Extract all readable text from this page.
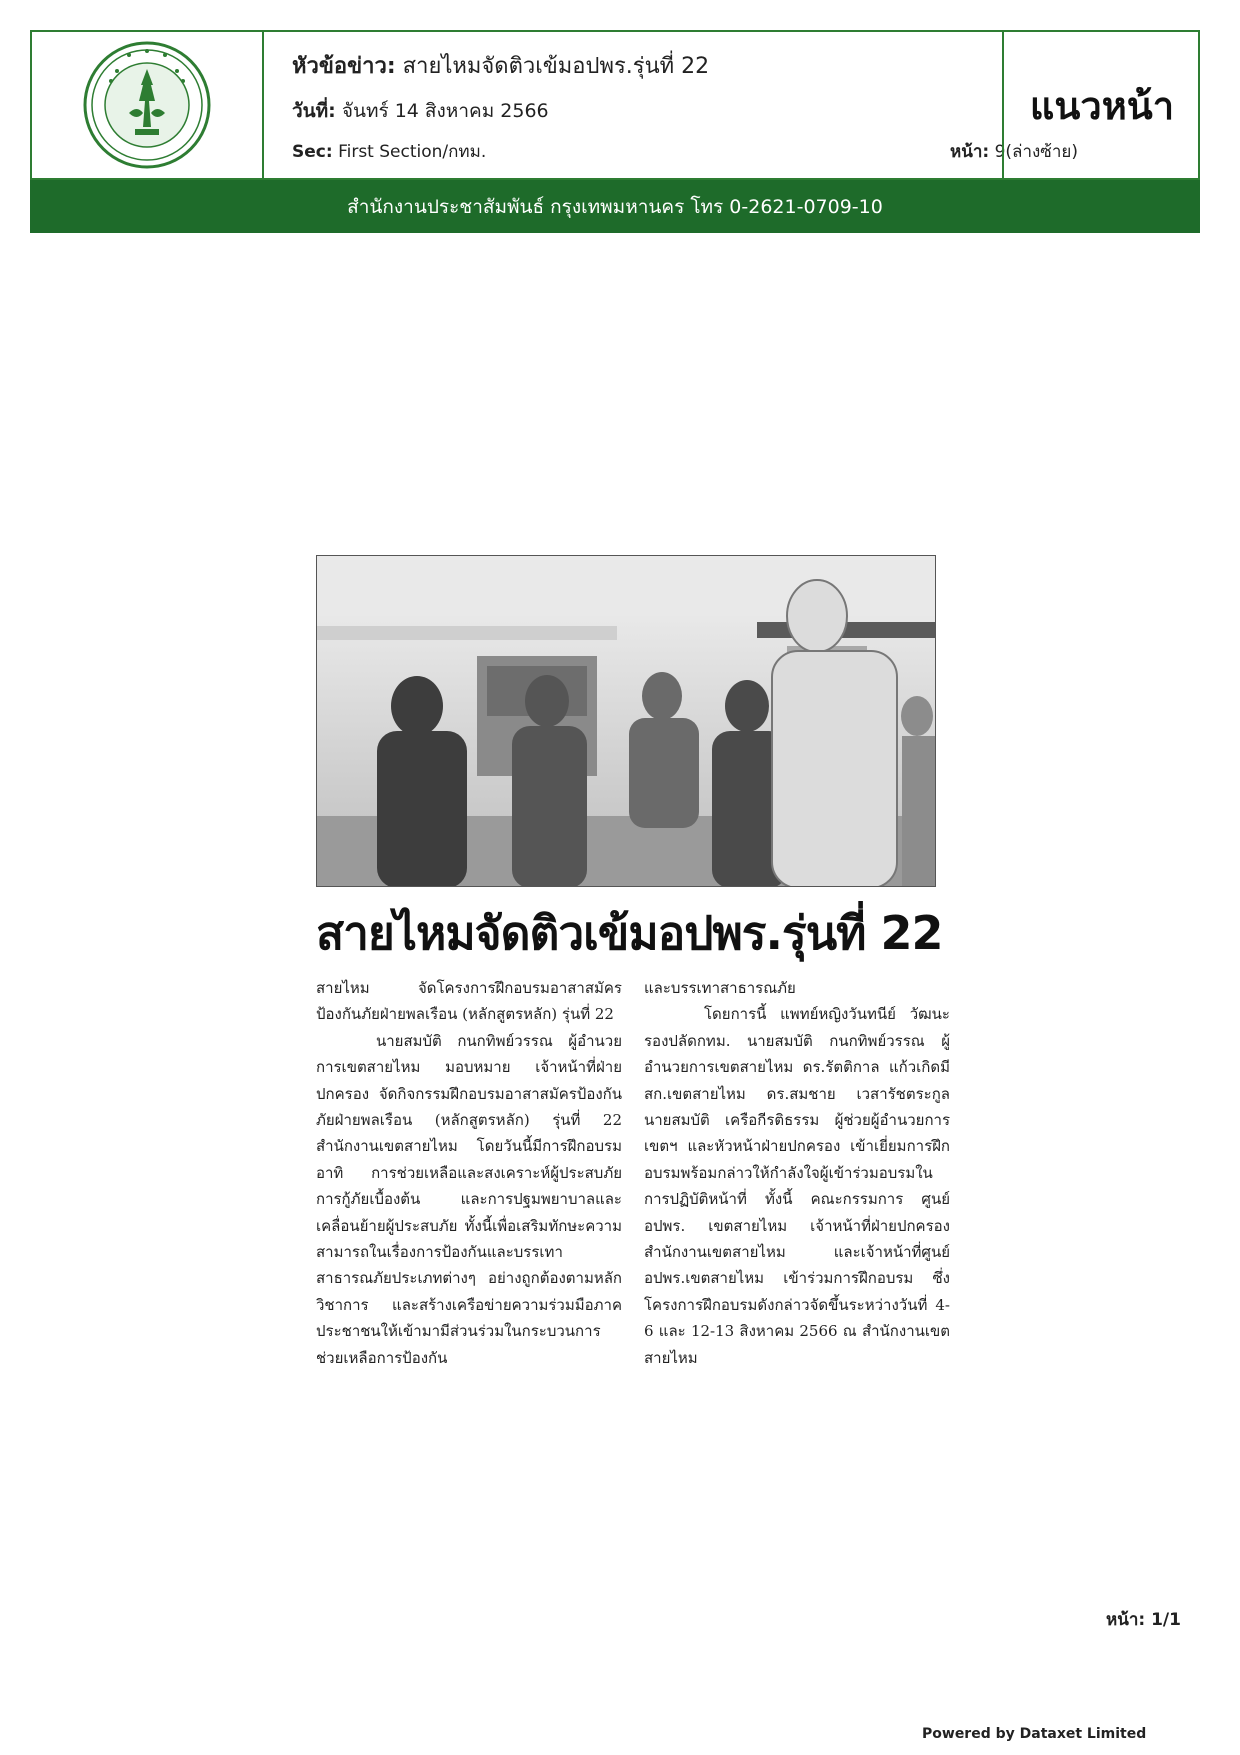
หัวข้อข่าว: สายไหมจัดติวเข้มอปพร.รุ่นที่ 22
วันที่: จันทร์ 14 สิงหาคม 2566
Sec: First Section/กทม.	หน้า: 9(ล่างซ้าย)
แนวหน้า
สำนักงานประชาสัมพันธ์ กรุงเทพมหานคร โทร 0-2621-0709-10
สายไหมจัดติวเข้มอปพร.รุ่นที่ 22

สายไหม จัดโครงการฝึกอบรมอาสาสมัครป้องกันภัยฝ่ายพลเรือน (หลักสูตรหลัก) รุ่นที่ 22

นายสมบัติ กนกทิพย์วรรณ ผู้อำนวยการเขตสายไหม มอบหมาย เจ้าหน้าที่ฝ่ายปกครอง จัดกิจกรรมฝึกอบรมอาสาสมัครป้องกันภัยฝ่ายพลเรือน (หลักสูตรหลัก) รุ่นที่ 22 สำนักงานเขตสายไหม โดยวันนี้มีการฝึกอบรม อาทิ การช่วยเหลือและสงเคราะห์ผู้ประสบภัย การกู้ภัยเบื้องต้น และการปฐมพยาบาลและเคลื่อนย้ายผู้ประสบภัย ทั้งนี้เพื่อเสริมทักษะความสามารถในเรื่องการป้องกันและบรรเทาสาธารณภัยประเภทต่างๆ อย่างถูกต้องตามหลักวิชาการ และสร้างเครือข่ายความร่วมมือภาคประชาชนให้เข้ามามีส่วนร่วมในกระบวนการช่วยเหลือการป้องกัน

และบรรเทาสาธารณภัย

โดยการนี้ แพทย์หญิงวันทนีย์ วัฒนะ รองปลัดกทม. นายสมบัติ กนกทิพย์วรรณ ผู้อำนวยการเขตสายไหม ดร.รัตติกาล แก้วเกิดมี สก.เขตสายไหม ดร.สมชาย เวสารัชตระกูล นายสมบัติ เครือกีรติธรรม ผู้ช่วยผู้อำนวยการเขตฯ และหัวหน้าฝ่ายปกครอง เข้าเยี่ยมการฝึกอบรมพร้อมกล่าวให้กำลังใจผู้เข้าร่วมอบรมในการปฏิบัติหน้าที่ ทั้งนี้ คณะกรรมการ ศูนย์ อปพร. เขตสายไหม เจ้าหน้าที่ฝ่ายปกครอง สำนักงานเขตสายไหม และเจ้าหน้าที่ศูนย์ อปพร.เขตสายไหม เข้าร่วมการฝึกอบรม ซึ่งโครงการฝึกอบรมดังกล่าวจัดขึ้นระหว่างวันที่ 4-6 และ 12-13 สิงหาคม 2566 ณ สำนักงานเขตสายไหม

หน้า: 1/1
Powered by Dataxet Limited
